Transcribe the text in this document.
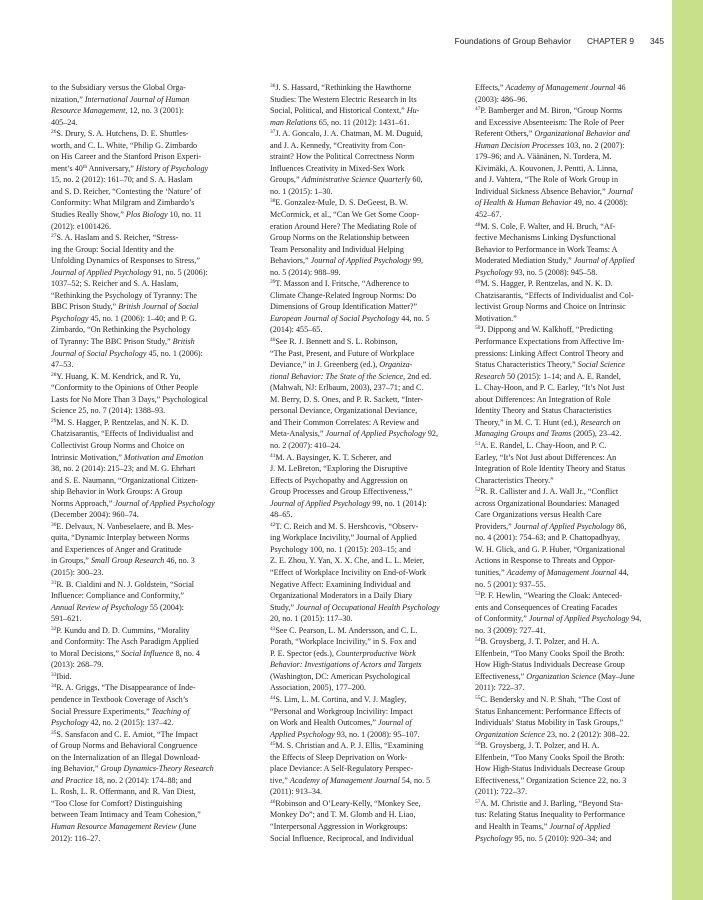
Foundations of Group Behavior CHAPTER 9 345
to the Subsidiary versus the Global Orga-
nization,” International Journal of Human
Resource Management, 12, no. 3 (2001):
405–24.
$^{26}$S. Drury, S. A. Hutchens, D. E. Shuttles-
worth, and C. L. White, “Philip G. Zimbardo
on His Career and the Stanford Prison Experi-
ment’s 40th Anniversary,” History of Psychology
15, no. 2 (2012): 161–70; and S. A. Haslam
and S. D. Reicher, “Contesting the ‘Nature’ of
Conformity: What Milgram and Zimbardo’s
Studies Really Show,” Plos Biology 10, no. 11
(2012): e1001426.
$^{27}$S. A. Haslam and S. Reicher, “Stress-
ing the Group: Social Identity and the
Unfolding Dynamics of Responses to Stress,”
Journal of Applied Psychology 91, no. 5 (2006):
1037–52; S. Reicher and S. A. Haslam,
“Rethinking the Psychology of Tyranny: The
BBC Prison Study,” British Journal of Social
Psychology 45, no. 1 (2006): 1–40; and P. G.
Zimbardo, “On Rethinking the Psychology
of Tyranny: The BBC Prison Study,” British
Journal of Social Psychology 45, no. 1 (2006):
47–53.
$^{28}$Y. Huang, K. M. Kendrick, and R. Yu,
“Conformity to the Opinions of Other People
Lasts for No More Than 3 Days,” Psychological
Science 25, no. 7 (2014): 1388–93.
$^{29}$M. S. Hagger, P. Rentzelas, and N. K. D.
Chatzisarantis, “Effects of Individualist and
Collectivist Group Norms and Choice on
Intrinsic Motivation,” Motivation and Emotion
38, no. 2 (2014): 215–23; and M. G. Ehrhart
and S. E. Naumann, “Organizational Citizen-
ship Behavior in Work Groups: A Group
Norms Approach,” Journal of Applied Psychology
(December 2004): 960–74.
$^{30}$E. Delvaux, N. Vanbeselaere, and B. Mes-
quita, “Dynamic Interplay between Norms
and Experiences of Anger and Gratitude
in Groups,” Small Group Research 46, no. 3
(2015): 300–23.
$^{31}$R. B. Cialdini and N. J. Goldstein, “Social
Influence: Compliance and Conformity,”
Annual Review of Psychology 55 (2004):
591–621.
$^{32}$P. Kundu and D. D. Cummins, “Morality
and Conformity: The Asch Paradigm Applied
to Moral Decisions,” Social Influence 8, no. 4
(2013): 268–79.
$^{33}$Ibid.
$^{34}$R. A. Griggs, “The Disappearance of Inde-
pendence in Textbook Coverage of Asch’s
Social Pressure Experiments,” Teaching of
Psychology 42, no. 2 (2015): 137–42.
$^{35}$S. Sansfacon and C. E. Amiot, “The Impact
of Group Norms and Behavioral Congruence
on the Internalization of an Illegal Download-
ing Behavior,” Group Dynamics-Theory Research
and Practice 18, no. 2 (2014): 174–88; and
L. Rosh, L. R. Offermann, and R. Van Diest,
“Too Close for Comfort? Distinguishing
between Team Intimacy and Team Cohesion,”
Human Resource Management Review (June
2012): 116–27.
$^{36}$J. S. Hassard, “Rethinking the Hawthorne
Studies: The Western Electric Research in Its
Social, Political, and Historical Context,” Hu-
man Relations 65, no. 11 (2012): 1431–61.
$^{37}$J. A. Goncalo, J. A. Chatman, M. M. Duguid,
and J. A. Kennedy, “Creativity from Con-
straint? How the Political Correctness Norm
Influences Creativity in Mixed-Sex Work
Groups,” Administrative Science Quarterly 60,
no. 1 (2015): 1–30.
$^{38}$E. Gonzalez-Mule, D. S. DeGeest, B. W.
McCormick, et al., “Can We Get Some Coop-
eration Around Here? The Mediating Role of
Group Norms on the Relationship between
Team Personality and Individual Helping
Behaviors,” Journal of Applied Psychology 99,
no. 5 (2014): 988–99.
$^{39}$T. Masson and I. Fritsche, “Adherence to
Climate Change-Related Ingroup Norms: Do
Dimensions of Group Identification Matter?”
European Journal of Social Psychology 44, no. 5
(2014): 455–65.
$^{40}$See R. J. Bennett and S. L. Robinson,
“The Past, Present, and Future of Workplace
Deviance,” in J. Greenberg (ed.), Organiza-
tional Behavior: The State of the Science, 2nd ed.
(Mahwah, NJ: Erlbaum, 2003), 237–71; and C.
M. Berry, D. S. Ones, and P. R. Sackett, “Inter-
personal Deviance, Organizational Deviance,
and Their Common Correlates: A Review and
Meta-Analysis,” Journal of Applied Psychology 92,
no. 2 (2007): 410–24.
$^{41}$M. A. Baysinger, K. T. Scherer, and
J. M. LeBreton, “Exploring the Disruptive
Effects of Psychopathy and Aggression on
Group Processes and Group Effectiveness,”
Journal of Applied Psychology 99, no. 1 (2014):
48–65.
$^{42}$T. C. Reich and M. S. Hershcovis, “Observ-
ing Workplace Incivility,” Journal of Applied
Psychology 100, no. 1 (2015): 203–15; and
Z. E. Zhou, Y. Yan, X. X. Che, and L. L. Meier,
“Effect of Workplace Incivility on End-of-Work
Negative Affect: Examining Individual and
Organizational Moderators in a Daily Diary
Study,” Journal of Occupational Health Psychology
20, no. 1 (2015): 117–30.
$^{43}$See C. Pearson, L. M. Andersson, and C. L.
Porath, “Workplace Incivility,” in S. Fox and
P. E. Spector (eds.), Counterproductive Work
Behavior: Investigations of Actors and Targets
(Washington, DC: American Psychological
Association, 2005), 177–200.
$^{44}$S. Lim, L. M. Cortina, and V. J. Magley,
“Personal and Workgroup Incivility: Impact
on Work and Health Outcomes,” Journal of
Applied Psychology 93, no. 1 (2008): 95–107.
$^{45}$M. S. Christian and A. P. J. Ellis, “Examining
the Effects of Sleep Deprivation on Work-
place Deviance: A Self-Regulatory Perspec-
tive,” Academy of Management Journal 54, no. 5
(2011): 913–34.
$^{46}$Robinson and O’Leary-Kelly, “Monkey See,
Monkey Do”; and T. M. Glomb and H. Liao,
“Interpersonal Aggression in Workgroups:
Social Influence, Reciprocal, and Individual
Effects,” Academy of Management Journal 46
(2003): 486–96.
$^{47}$P. Bamberger and M. Biron, “Group Norms
and Excessive Absenteeism: The Role of Peer
Referent Others,” Organizational Behavior and
Human Decision Processes 103, no. 2 (2007):
179–96; and A. Väänänen, N. Tordera, M.
Kivimäki, A. Kouvonen, J. Pentti, A. Linna,
and J. Vahtera, “The Role of Work Group in
Individual Sickness Absence Behavior,” Journal
of Health & Human Behavior 49, no. 4 (2008):
452–67.
$^{48}$M. S. Cole, F. Walter, and H. Bruch, “Af-
fective Mechanisms Linking Dysfunctional
Behavior to Performance in Work Teams: A
Moderated Mediation Study,” Journal of Applied
Psychology 93, no. 5 (2008): 945–58.
$^{49}$M. S. Hagger, P. Rentzelas, and N. K. D.
Chatzisarantis, “Effects of Individualist and Col-
lectivist Group Norms and Choice on Intrinsic
Motivation.”
$^{50}$J. Dippong and W. Kalkhoff, “Predicting
Performance Expectations from Affective Im-
pressions: Linking Affect Control Theory and
Status Characteristics Theory,” Social Science
Research 50 (2015): 1–14; and A. E. Randel,
L. Chay-Hoon, and P. C. Earley, “It’s Not Just
about Differences: An Integration of Role
Identity Theory and Status Characteristics
Theory,” in M. C. T. Hunt (ed.), Research on
Managing Groups and Teams (2005), 23–42.
$^{51}$A. E. Randel, L. Chay-Hoon, and P. C.
Earley, “It’s Not Just about Differences: An
Integration of Role Identity Theory and Status
Characteristics Theory.”
$^{52}$R. R. Callister and J. A. Wall Jr., “Conflict
across Organizational Boundaries: Managed
Care Organizations versus Health Care
Providers,” Journal of Applied Psychology 86,
no. 4 (2001): 754–63; and P. Chattopadhyay,
W. H. Glick, and G. P. Huber, “Organizational
Actions in Response to Threats and Oppor-
tunities,” Academy of Management Journal 44,
no. 5 (2001): 937–55.
$^{53}$P. F. Hewlin, “Wearing the Cloak: Anteced-
ents and Consequences of Creating Facades
of Conformity,” Journal of Applied Psychology 94,
no. 3 (2009): 727–41.
$^{54}$B. Groysberg, J. T. Polzer, and H. A.
Elfenbein, “Too Many Cooks Spoil the Broth:
How High-Status Individuals Decrease Group
Effectiveness,” Organization Science (May–June
2011): 722–37.
$^{55}$C. Bendersky and N. P. Shah, “The Cost of
Status Enhancement: Performance Effects of
Individuals’ Status Mobility in Task Groups,”
Organization Science 23, no. 2 (2012): 308–22.
$^{56}$B. Groysberg, J. T. Polzer, and H. A.
Elfenbein, “Too Many Cooks Spoil the Broth:
How High-Status Individuals Decrease Group
Effectiveness,” Organization Science 22, no. 3
(2011): 722–37.
$^{57}$A. M. Christie and J. Barling, “Beyond Sta-
tus: Relating Status Inequality to Performance
and Health in Teams,” Journal of Applied
Psychology 95, no. 5 (2010): 920–34; and
